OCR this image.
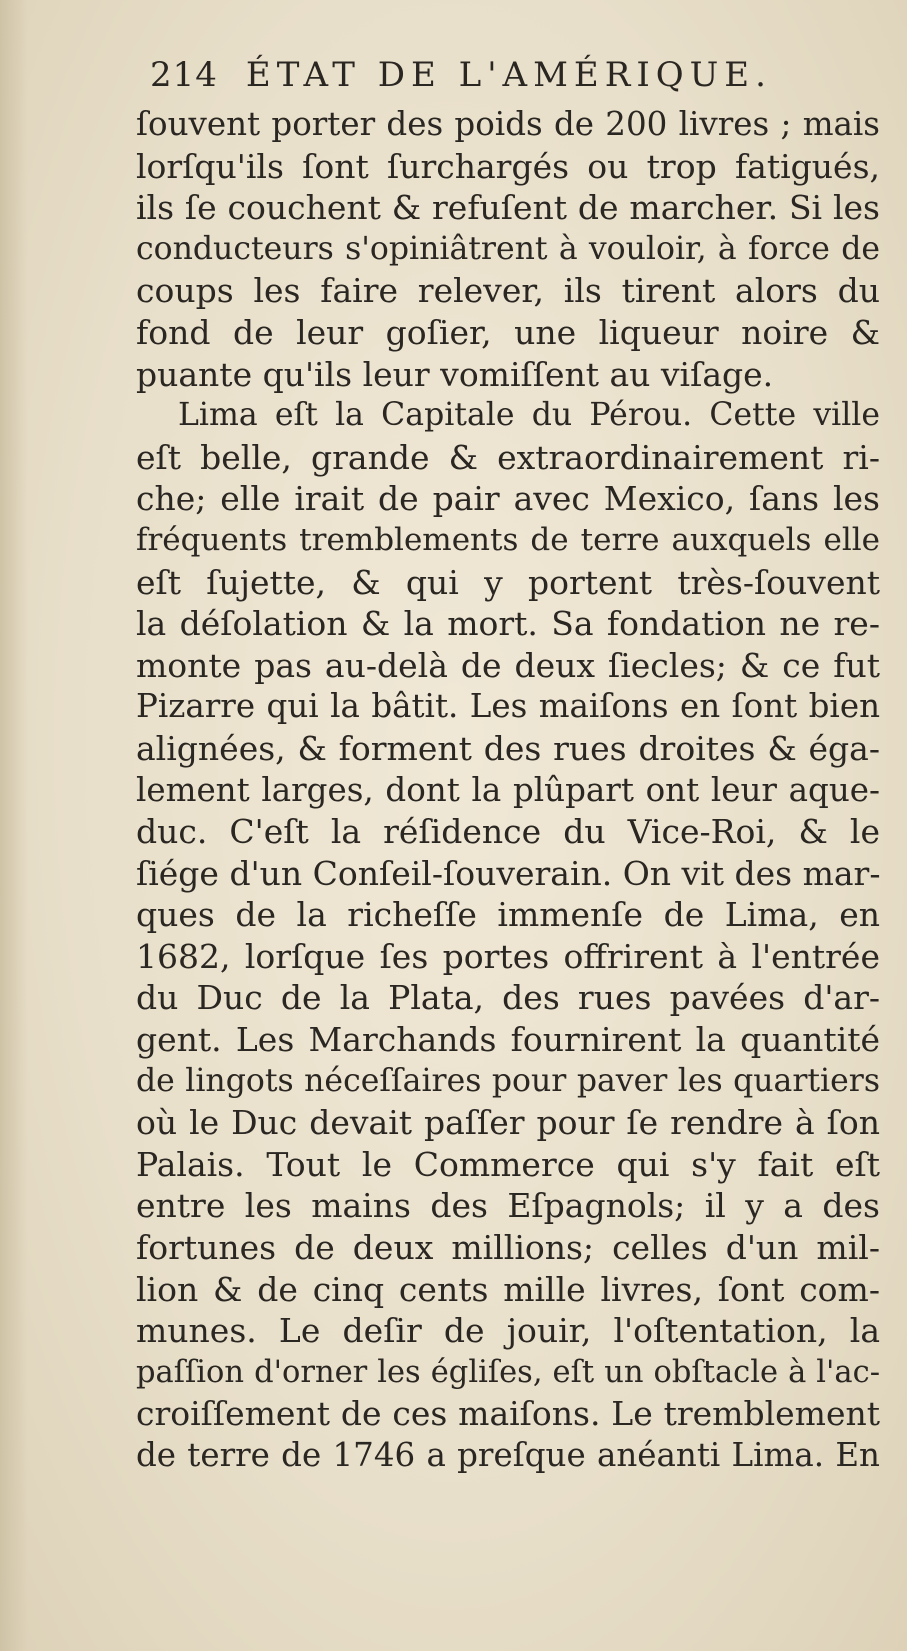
214 ÉTAT DE L'AMÉRIQUE.
ſouvent porter des poids de 200 livres ; mais
lorſqu'ils ſont ſurchargés ou trop fatigués,
ils ſe couchent & refuſent de marcher. Si les
conducteurs s'opiniâtrent à vouloir, à force de
coups les faire relever, ils tirent alors du
fond de leur goſier, une liqueur noire &
puante qu'ils leur vomiſſent au viſage.
Lima eſt la Capitale du Pérou. Cette ville
eſt belle, grande & extraordinairement ri-
che; elle irait de pair avec Mexico, ſans les
fréquents tremblements de terre auxquels elle
eſt ſujette, & qui y portent très-ſouvent
la déſolation & la mort. Sa fondation ne re-
monte pas au-delà de deux ſiecles; & ce fut
Pizarre qui la bâtit. Les maiſons en ſont bien
alignées, & forment des rues droites & éga-
lement larges, dont la plûpart ont leur aque-
duc. C'eſt la réſidence du Vice-Roi, & le
ſiége d'un Conſeil-ſouverain. On vit des mar-
ques de la richeſſe immenſe de Lima, en
1682, lorſque ſes portes offrirent à l'entrée
du Duc de la Plata, des rues pavées d'ar-
gent. Les Marchands fournirent la quantité
de lingots néceſſaires pour paver les quartiers
où le Duc devait paſſer pour ſe rendre à ſon
Palais. Tout le Commerce qui s'y fait eſt
entre les mains des Eſpagnols; il y a des
fortunes de deux millions; celles d'un mil-
lion & de cinq cents mille livres, ſont com-
munes. Le deſir de jouir, l'oſtentation, la
paſſion d'orner les égliſes, eſt un obſtacle à l'ac-
croiſſement de ces maiſons. Le tremblement
de terre de 1746 a preſque anéanti Lima. En
